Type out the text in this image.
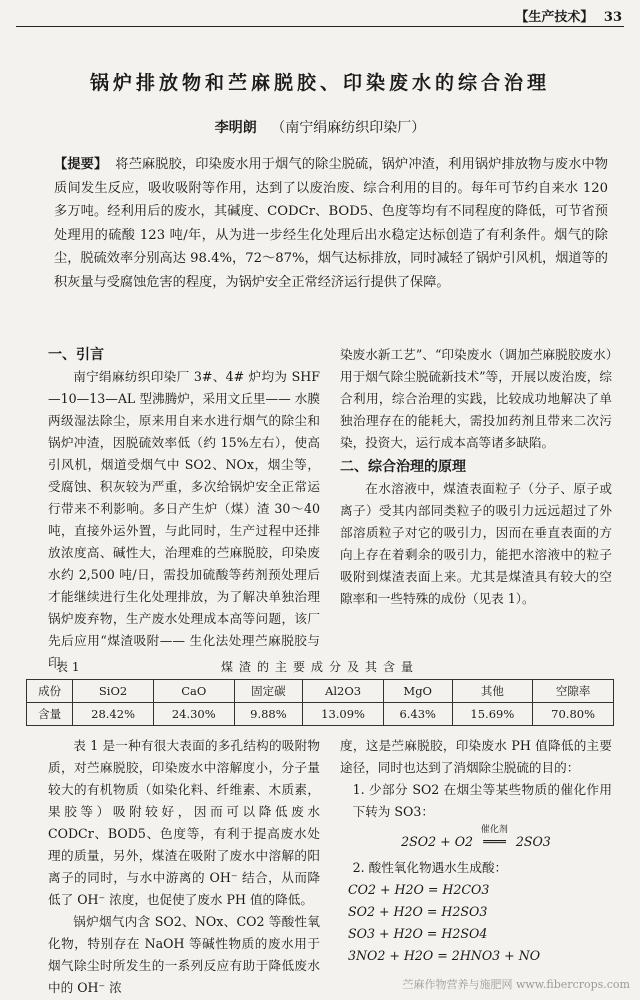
【生产技术】 33
锅炉排放物和苎麻脱胶、印染废水的综合治理
李明朗 （南宁绢麻纺织印染厂）
【提要】 将苎麻脱胶，印染废水用于烟气的除尘脱硫，锅炉冲渣，利用锅炉排放物与废水中物质间发生反应，吸收吸附等作用，达到了以废治废、综合利用的目的。每年可节约自来水 120 多万吨。经利用后的废水，其碱度、CODCr、BOD5、色度等均有不同程度的降低，可节省预处理用的硫酸 123 吨/年，从为进一步经生化处理后出水稳定达标创造了有利条件。烟气的除尘，脱硫效率分别高达 98.4%，72～87%，烟气达标排放，同时减轻了锅炉引风机，烟道等的积灰量与受腐蚀危害的程度，为锅炉安全正常经济运行提供了保障。
一、引言
南宁绢麻纺织印染厂 3#、4# 炉均为 SHF—10—13—AL 型沸腾炉，采用文丘里—— 水膜两级湿法除尘，原来用自来水进行烟气的除尘和锅炉冲渣，因脱硫效率低（约 15%左右），使高引风机，烟道受烟气中 SO2、NOx，烟尘等，受腐蚀、积灰较为严重，多次给锅炉安全正常运行带来不利影响。多日产生炉（煤）渣 30～40 吨，直接外运外置，与此同时，生产过程中还排放浓度高、碱性大，治理难的苎麻脱胶，印染废水约 2,500 吨/日，需投加硫酸等药剂预处理后才能继续进行生化处理排放，为了解决单独治理锅炉废弃物，生产废水处理成本高等问题，该厂先后应用“煤渣吸附—— 生化法处理苎麻脱胶与印
染废水新工艺”、“印染废水（调加苎麻脱胶废水）用于烟气除尘脱硫新技术”等，开展以废治废，综合利用，综合治理的实践，比较成功地解决了单独治理存在的能耗大，需投加药剂且带来二次污染，投资大，运行成本高等诸多缺陷。
二、综合治理的原理
在水溶液中，煤渣表面粒子（分子、原子或离子）受其内部同类粒子的吸引力远远超过了外部溶质粒子对它的吸引力，因而在垂直表面的方向上存在着剩余的吸引力，能把水溶液中的粒子吸附到煤渣表面上来。尤其是煤渣具有较大的空隙率和一些特殊的成份（见表 1）。
表 1	煤渣的主要成分及其含量
成份	SiO2	CaO	固定碳	Al2O3	MgO	其他	空隙率
含量	28.42%	24.30%	9.88%	13.09%	6.43%	15.69%	70.80%
表 1 是一种有很大表面的多孔结构的吸附物质，对苎麻脱胶，印染废水中溶解度小，分子量较大的有机物质（如染化料、纤维素、木质素，果胶等）吸附较好，因而可以降低废水 CODCr、BOD5、色度等，有利于提高废水处理的质量，另外，煤渣在吸附了废水中溶解的阳离子的同时，与水中游离的 OH⁻ 结合，从而降低了 OH⁻ 浓度，也促使了废水 PH 值的降低。
锅炉烟气内含 SO2、NOx、CO2 等酸性氧化物，特别存在 NaOH 等碱性物质的废水用于烟气除尘时所发生的一系列反应有助于降低废水中的 OH⁻ 浓
度，这是苎麻脱胶，印染废水 PH 值降低的主要途径，同时也达到了消烟除尘脱硫的目的：
1. 少部分 SO2 在烟尘等某些物质的催化作用下转为 SO3：
2SO2 + O2
催化剂
═══ 2SO3
2. 酸性氧化物遇水生成酸：
CO2 + H2O = H2CO3
SO2 + H2O = H2SO3
SO3 + H2O = H2SO4
3NO2 + H2O = 2HNO3 + NO
苎麻作物营养与施肥网 www.fibercrops.com
